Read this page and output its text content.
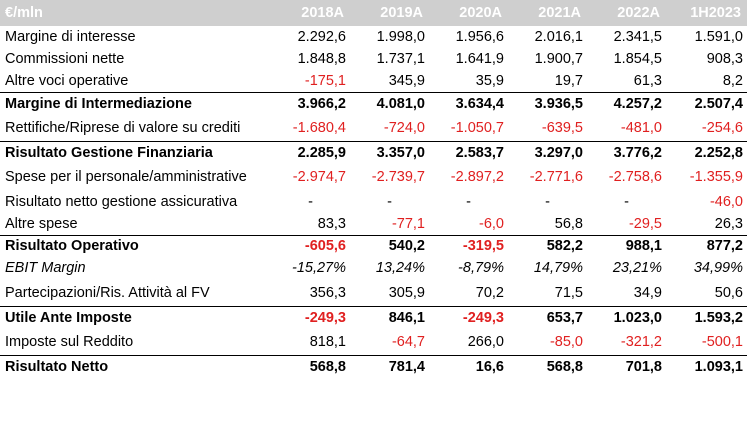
€/mln	2018A	2019A	2020A	2021A	2022A	1H2023
Margine di interesse	2.292,6	1.998,0	1.956,6	2.016,1	2.341,5	1.591,0
Commissioni nette	1.848,8	1.737,1	1.641,9	1.900,7	1.854,5	908,3
Altre voci operative	-175,1	345,9	35,9	19,7	61,3	8,2
Margine di Intermediazione	3.966,2	4.081,0	3.634,4	3.936,5	4.257,2	2.507,4
Rettifiche/Riprese di valore su crediti	-1.680,4	-724,0	-1.050,7	-639,5	-481,0	-254,6
Risultato Gestione Finanziaria	2.285,9	3.357,0	2.583,7	3.297,0	3.776,2	2.252,8
Spese per il personale/amministrative	-2.974,7	-2.739,7	-2.897,2	-2.771,6	-2.758,6	-1.355,9
Risultato netto gestione assicurativa	-	-	-	-	-	-46,0
Altre spese	83,3	-77,1	-6,0	56,8	-29,5	26,3
Risultato Operativo	-605,6	540,2	-319,5	582,2	988,1	877,2
EBIT Margin	-15,27%	13,24%	-8,79%	14,79%	23,21%	34,99%
Partecipazioni/Ris. Attività al FV	356,3	305,9	70,2	71,5	34,9	50,6
Utile Ante Imposte	-249,3	846,1	-249,3	653,7	1.023,0	1.593,2
Imposte sul Reddito	818,1	-64,7	266,0	-85,0	-321,2	-500,1
Risultato Netto	568,8	781,4	16,6	568,8	701,8	1.093,1
